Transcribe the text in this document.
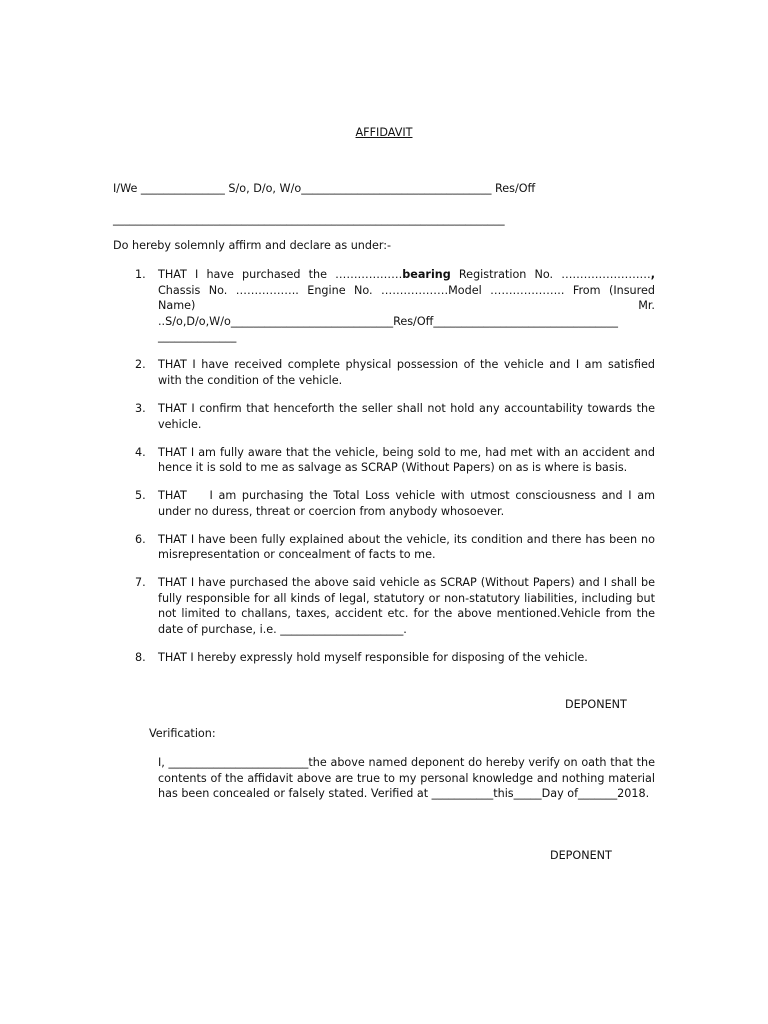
AFFIDAVIT
I/We _______________ S/o, D/o, W/o__________________________________ Res/Off
______________________________________________________________________
Do hereby solemnly affirm and declare as under:-
1. THAT I have purchased the ………………bearing Registration No. ……………………, Chassis No. …………….. Engine No. ………………Model ……………….. From (Insured Name) Mr. ..S/o,D/o,W/o_____________________________Res/Off_________________________________ ______________
2. THAT I have received complete physical possession of the vehicle and I am satisfied with the condition of the vehicle.
3. THAT I confirm that henceforth the seller shall not hold any accountability towards the vehicle.
4. THAT I am fully aware that the vehicle, being sold to me, had met with an accident and hence it is sold to me as salvage as SCRAP (Without Papers) on as is where is basis.
5. THAT    I am purchasing the Total Loss vehicle with utmost consciousness and I am under no duress, threat or coercion from anybody whosoever.
6. THAT I have been fully explained about the vehicle, its condition and there has been no misrepresentation or concealment of facts to me.
7. THAT I have purchased the above said vehicle as SCRAP (Without Papers) and I shall be fully responsible for all kinds of legal, statutory or non-statutory liabilities, including but not limited to challans, taxes, accident etc. for the above mentioned.Vehicle from the date of purchase, i.e. ______________________.
8. THAT I hereby expressly hold myself responsible for disposing of the vehicle.
DEPONENT
Verification:
I, _________________________the above named deponent do hereby verify on oath that the contents of the affidavit above are true to my personal knowledge and nothing material has been concealed or falsely stated. Verified at ___________this_____Day of_______2018.
DEPONENT
